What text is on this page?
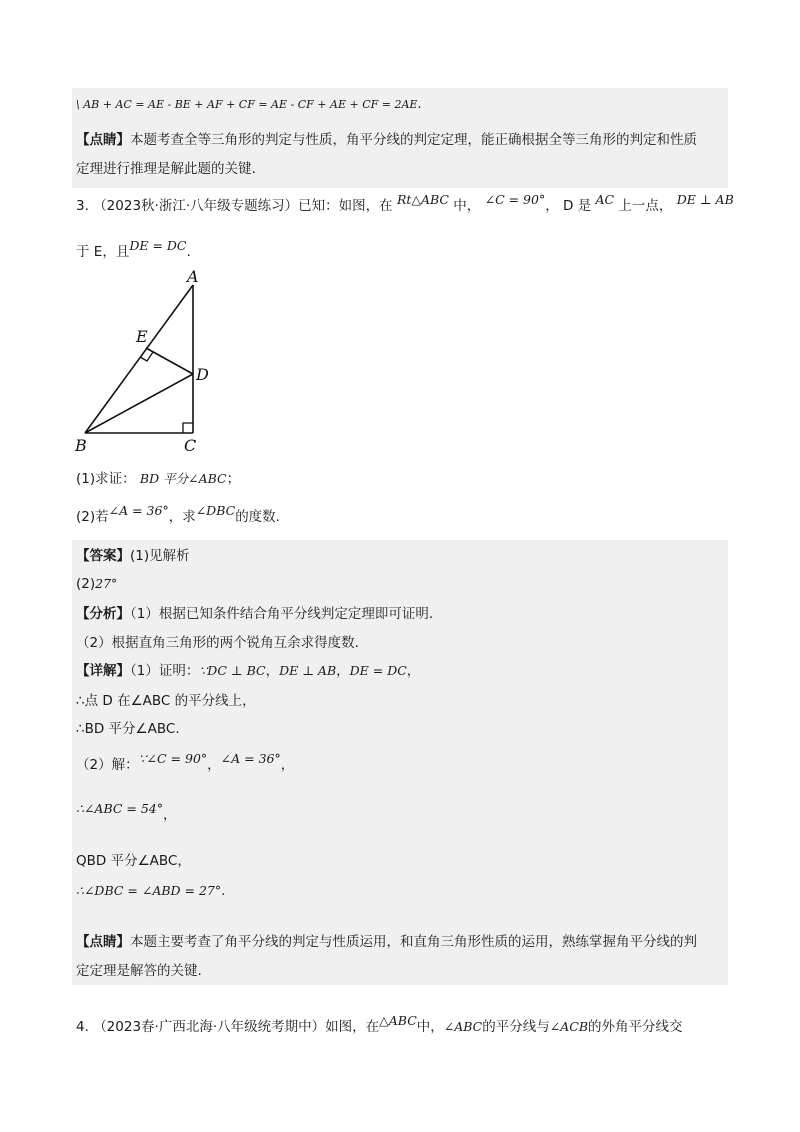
\ AB + AC = AE - BE + AF + CF = AE - CF + AE + CF = 2AE.
【点睛】本题考查全等三角形的判定与性质，角平分线的判定定理，能正确根据全等三角形的判定和性质
定理进行推理是解此题的关键.
3. （2023秋·浙江·八年级专题练习）已知：如图，在 Rt△ABC 中， ∠C = 90°， D 是 AC 上一点， DE ⊥ AB
于 E，且DE = DC.
A
E
D
B	C
(1)求证： BD 平分∠ABC；
(2)若∠A = 36°，求∠DBC的度数.
【答案】(1)见解析
(2)27°
【分析】（1）根据已知条件结合角平分线判定定理即可证明.
（2）根据直角三角形的两个锐角互余求得度数.
【详解】（1）证明：∵DC ⊥ BC，DE ⊥ AB，DE = DC，
∴点 D 在∠ABC 的平分线上，
∴BD 平分∠ABC.
（2）解：∵∠C = 90°，∠A = 36°，
∴∠ABC = 54°，
QBD 平分∠ABC，
∴∠DBC = ∠ABD = 27°.
【点睛】本题主要考查了角平分线的判定与性质运用，和直角三角形性质的运用，熟练掌握角平分线的判
定定理是解答的关键.
4. （2023春·广西北海·八年级统考期中）如图，在△ABC中，∠ABC的平分线与∠ACB的外角平分线交
